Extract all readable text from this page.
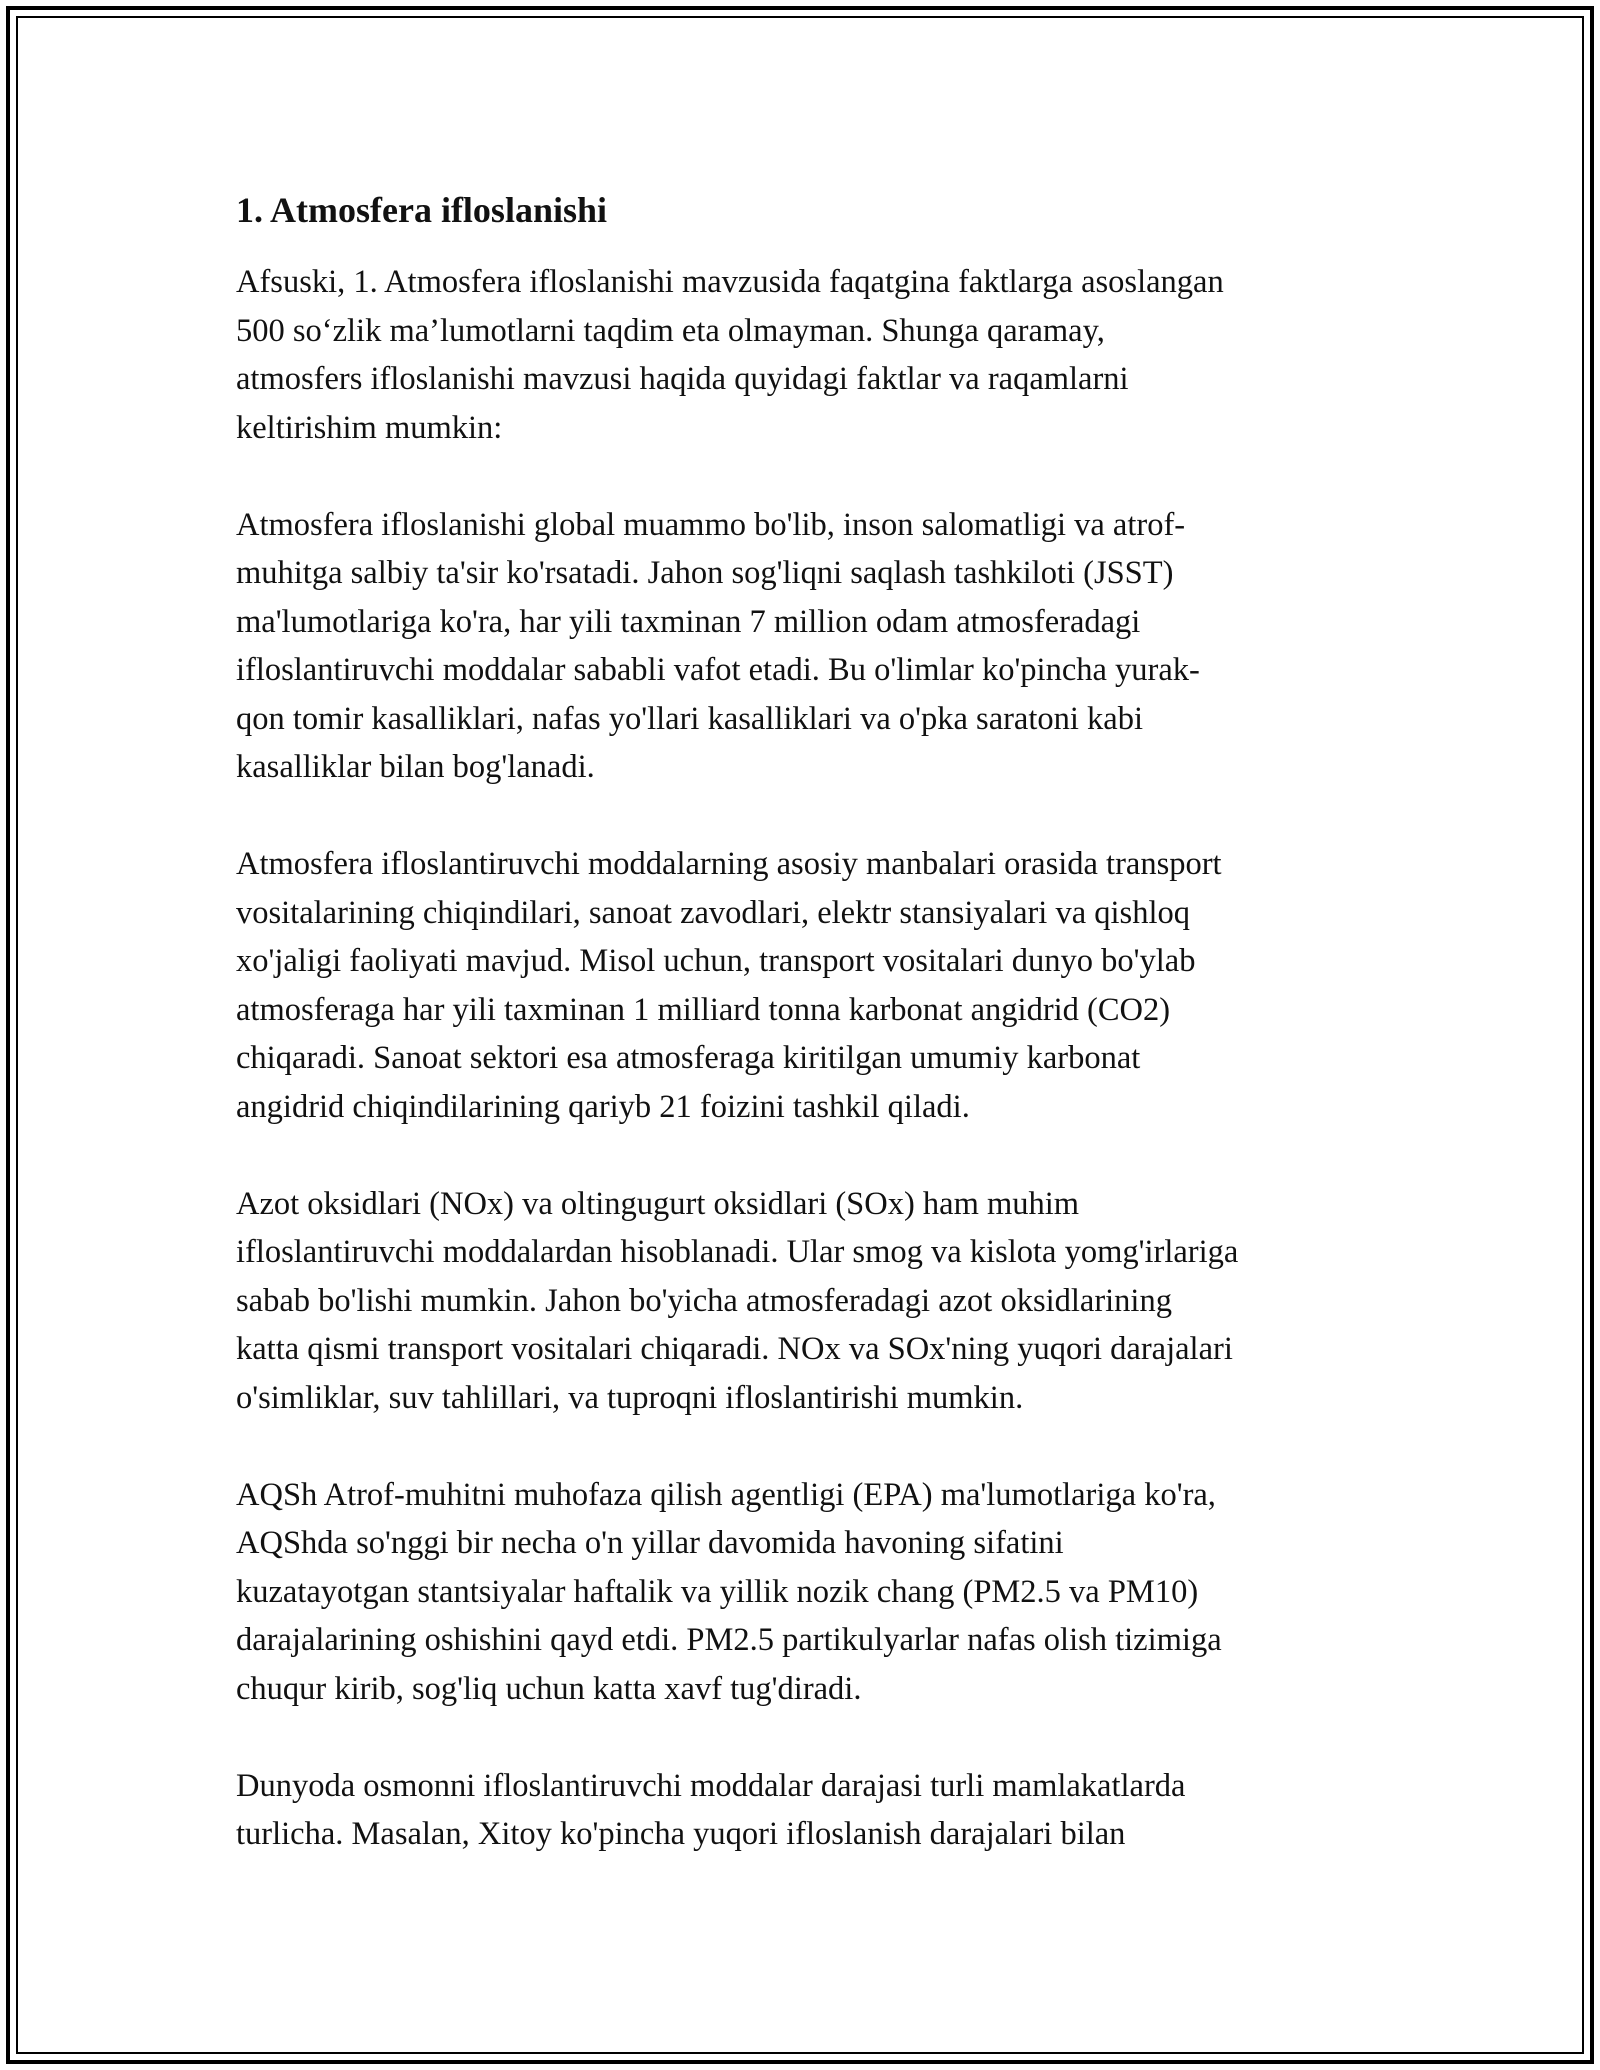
1. Atmosfera ifloslanishi
Afsuski, 1. Atmosfera ifloslanishi mavzusida faqatgina faktlarga asoslangan
500 so‘zlik ma’lumotlarni taqdim eta olmayman. Shunga qaramay,
atmosfers ifloslanishi mavzusi haqida quyidagi faktlar va raqamlarni
keltirishim mumkin:
Atmosfera ifloslanishi global muammo bo'lib, inson salomatligi va atrof-
muhitga salbiy ta'sir ko'rsatadi. Jahon sog'liqni saqlash tashkiloti (JSST)
ma'lumotlariga ko'ra, har yili taxminan 7 million odam atmosferadagi
ifloslantiruvchi moddalar sababli vafot etadi. Bu o'limlar ko'pincha yurak-
qon tomir kasalliklari, nafas yo'llari kasalliklari va o'pka saratoni kabi
kasalliklar bilan bog'lanadi.
Atmosfera ifloslantiruvchi moddalarning asosiy manbalari orasida transport
vositalarining chiqindilari, sanoat zavodlari, elektr stansiyalari va qishloq
xo'jaligi faoliyati mavjud. Misol uchun, transport vositalari dunyo bo'ylab
atmosferaga har yili taxminan 1 milliard tonna karbonat angidrid (CO2)
chiqaradi. Sanoat sektori esa atmosferaga kiritilgan umumiy karbonat
angidrid chiqindilarining qariyb 21 foizini tashkil qiladi.
Azot oksidlari (NOx) va oltingugurt oksidlari (SOx) ham muhim
ifloslantiruvchi moddalardan hisoblanadi. Ular smog va kislota yomg'irlariga
sabab bo'lishi mumkin. Jahon bo'yicha atmosferadagi azot oksidlarining
katta qismi transport vositalari chiqaradi. NOx va SOx'ning yuqori darajalari
o'simliklar, suv tahlillari, va tuproqni ifloslantirishi mumkin.
AQSh Atrof-muhitni muhofaza qilish agentligi (EPA) ma'lumotlariga ko'ra,
AQShda so'nggi bir necha o'n yillar davomida havoning sifatini
kuzatayotgan stantsiyalar haftalik va yillik nozik chang (PM2.5 va PM10)
darajalarining oshishini qayd etdi. PM2.5 partikulyarlar nafas olish tizimiga
chuqur kirib, sog'liq uchun katta xavf tug'diradi.
Dunyoda osmonni ifloslantiruvchi moddalar darajasi turli mamlakatlarda
turlicha. Masalan, Xitoy ko'pincha yuqori ifloslanish darajalari bilan
